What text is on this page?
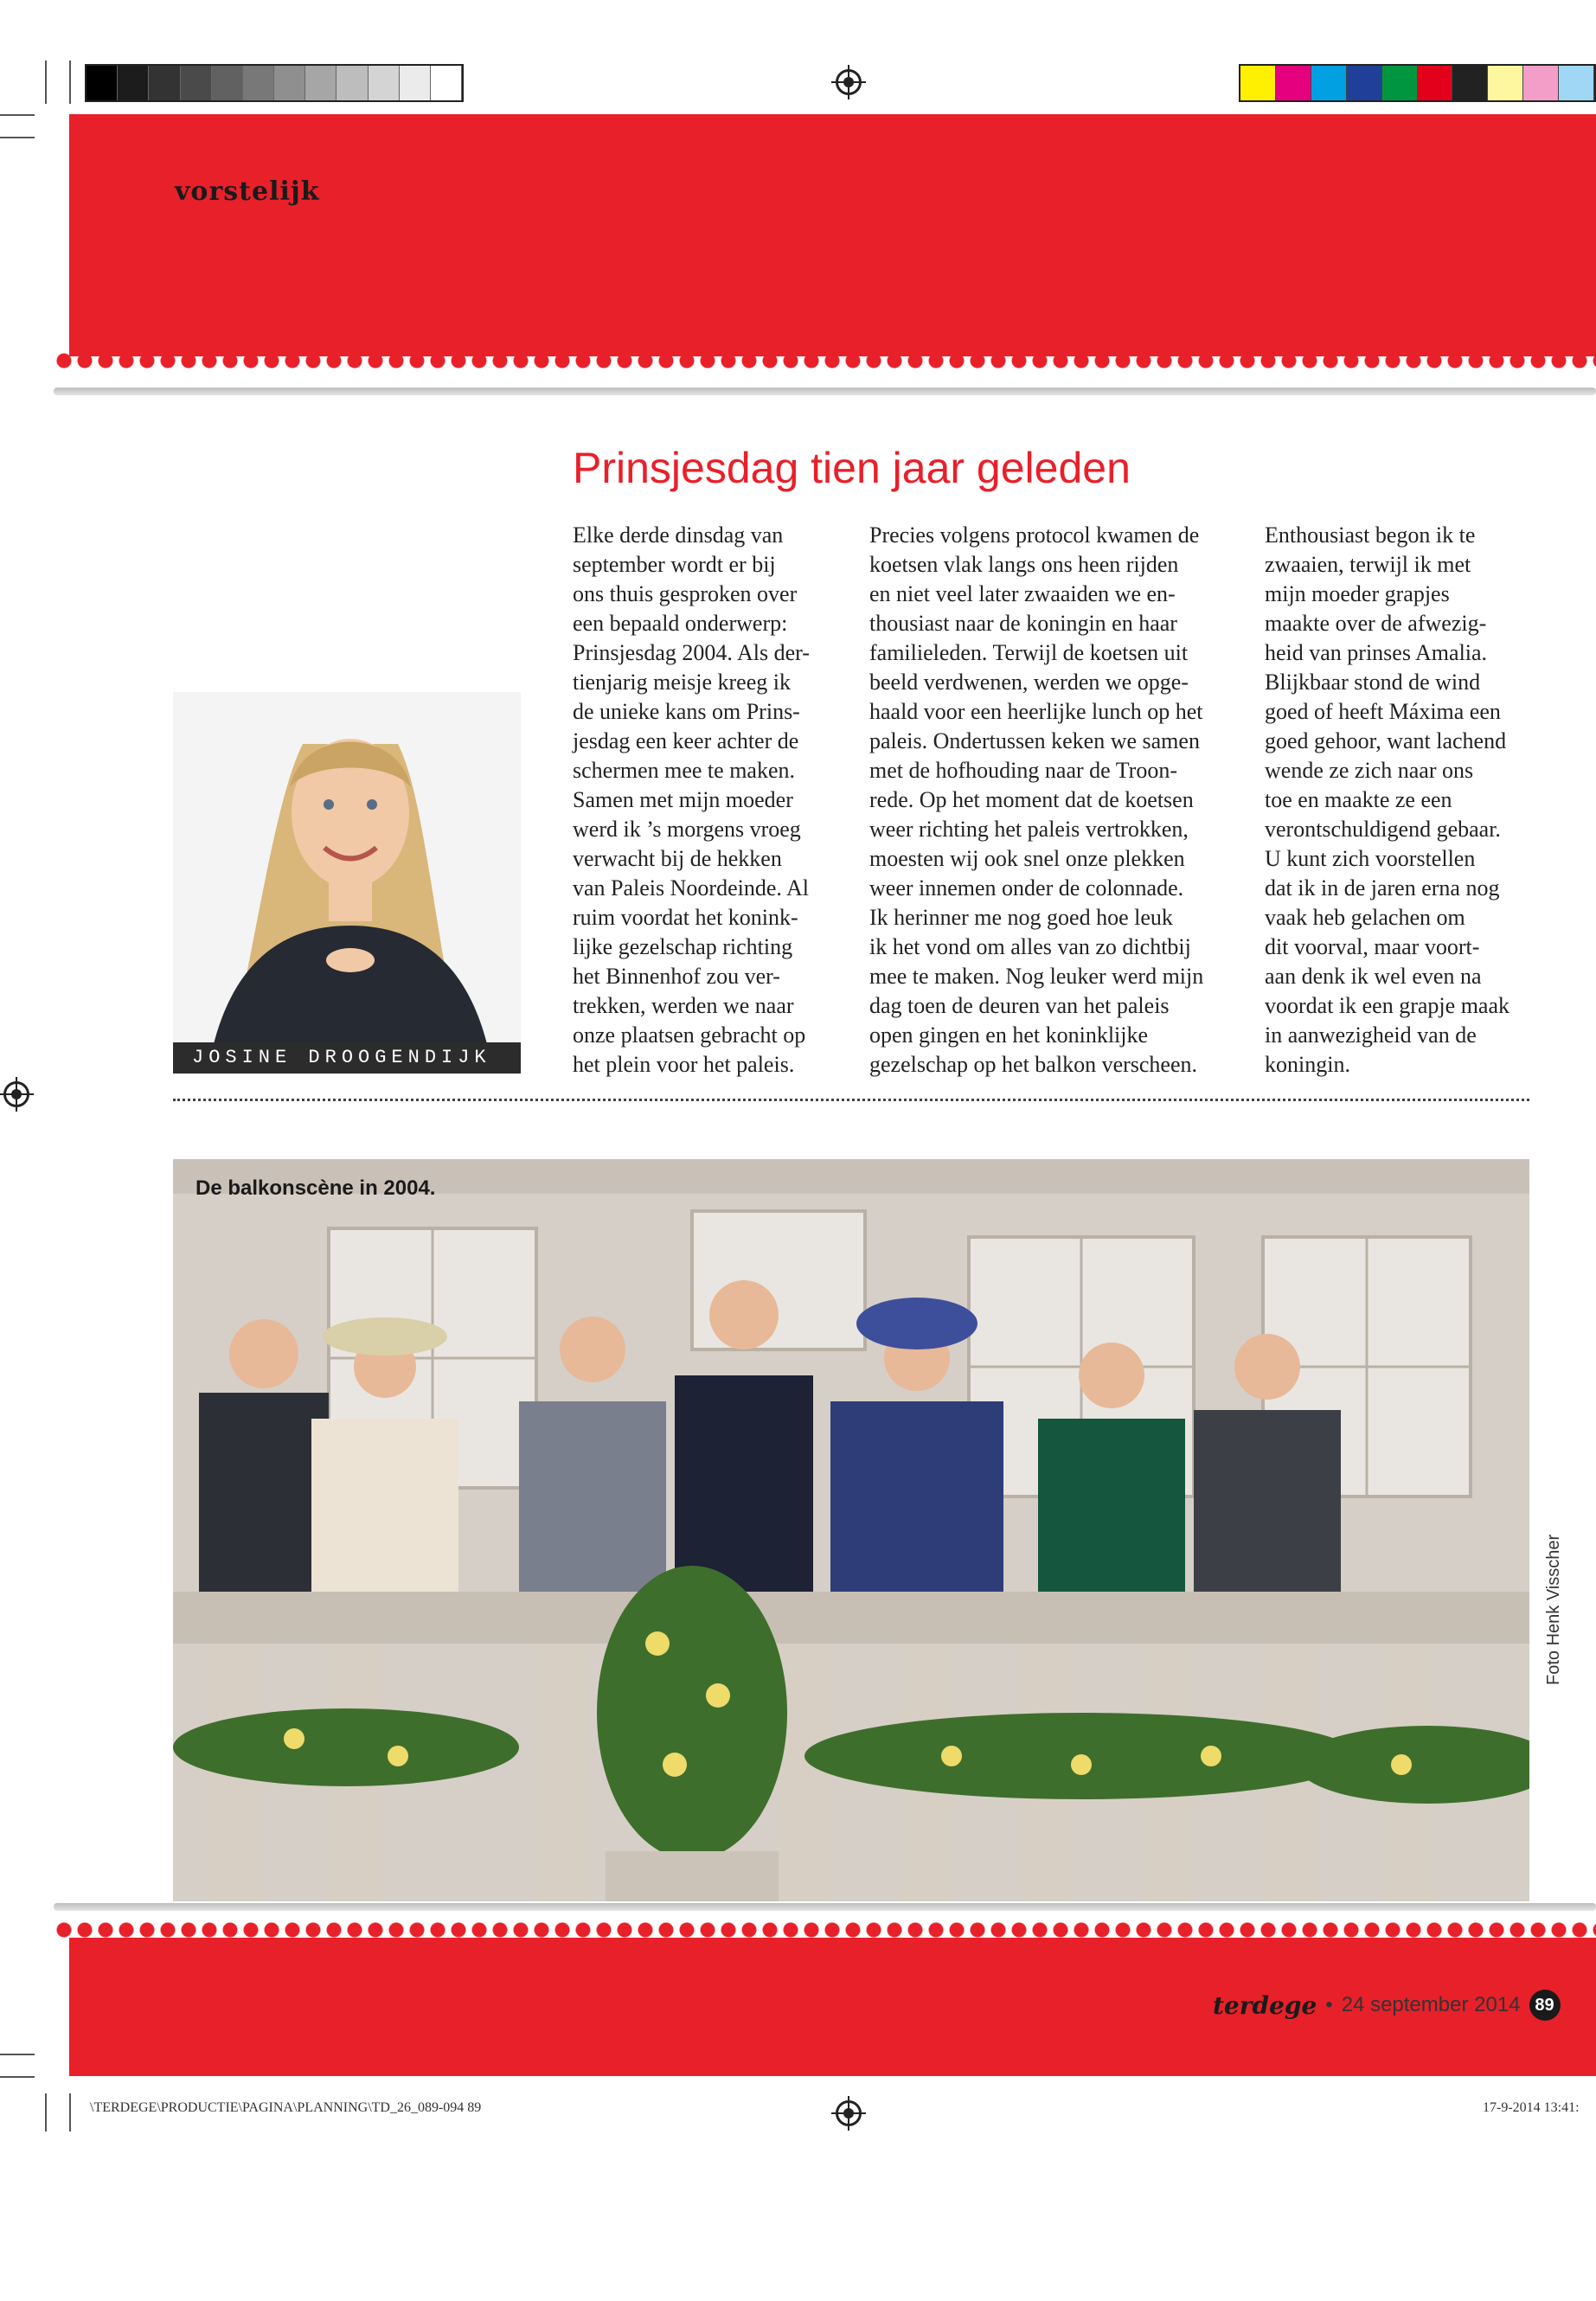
vorstelijk
Prinsjesdag tien jaar geleden

Elke derde dinsdag van

september wordt er bij

ons thuis gesproken over

een bepaald onderwerp:

Prinsjesdag 2004. Als der-

tienjarig meisje kreeg ik

de unieke kans om Prins-

jesdag een keer achter de

schermen mee te maken.

Samen met mijn moeder

werd ik ’s morgens vroeg

verwacht bij de hekken

van Paleis Noordeinde. Al

ruim voordat het konink-

lijke gezelschap richting

het Binnenhof zou ver-

trekken, werden we naar

onze plaatsen gebracht op

het plein voor het paleis.

Precies volgens protocol kwamen de

koetsen vlak langs ons heen rijden

en niet veel later zwaaiden we en-

thousiast naar de koningin en haar

familieleden. Terwijl de koetsen uit

beeld verdwenen, werden we opge-

haald voor een heerlijke lunch op het

paleis. Ondertussen keken we samen

met de hofhouding naar de Troon-

rede. Op het moment dat de koetsen

weer richting het paleis vertrokken,

moesten wij ook snel onze plekken

weer innemen onder de colonnade.

Ik herinner me nog goed hoe leuk

ik het vond om alles van zo dichtbij

mee te maken. Nog leuker werd mijn

dag toen de deuren van het paleis

open gingen en het koninklijke

gezelschap op het balkon verscheen.

Enthousiast begon ik te

zwaaien, terwijl ik met

mijn moeder grapjes

maakte over de afwezig-

heid van prinses Amalia.

Blijkbaar stond de wind

goed of heeft Máxima een

goed gehoor, want lachend

wende ze zich naar ons

toe en maakte ze een

verontschuldigend gebaar.

U kunt zich voorstellen

dat ik in de jaren erna nog

vaak heb gelachen om

dit voorval, maar voort-

aan denk ik wel even na

voordat ik een grapje maak

in aanwezigheid van de

koningin.

JOSINE DROOGENDIJK
De balkonscène in 2004.
Foto Henk Visscher
terdege • 24 september 2014 89
\TERDEGE\PRODUCTIE\PAGINA\PLANNING\TD_26_089-094 89	17-9-2014 13:41:
